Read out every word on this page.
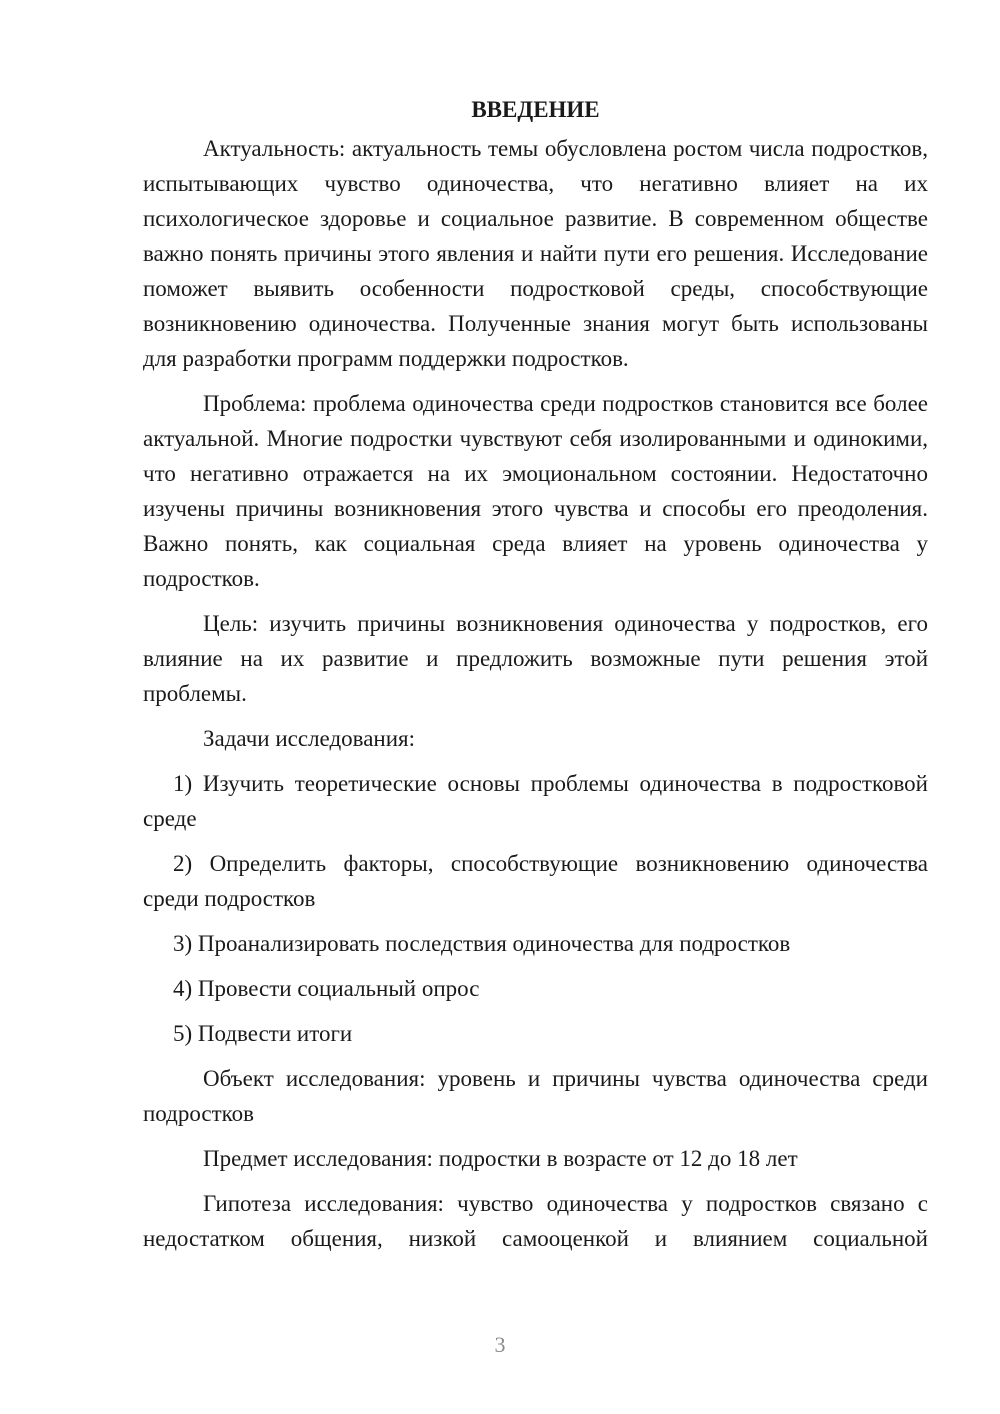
ВВЕДЕНИЕ

Актуальность: актуальность темы обусловлена ростом числа подростков, испытывающих чувство одиночества, что негативно влияет на их психологическое здоровье и социальное развитие. В современном обществе важно понять причины этого явления и найти пути его решения. Исследование поможет выявить особенности подростковой среды, способствующие возникновению одиночества. Полученные знания могут быть использованы для разработки программ поддержки подростков.

Проблема: проблема одиночества среди подростков становится все более актуальной. Многие подростки чувствуют себя изолированными и одинокими, что негативно отражается на их эмоциональном состоянии. Недостаточно изучены причины возникновения этого чувства и способы его преодоления. Важно понять, как социальная среда влияет на уровень одиночества у подростков.

Цель: изучить причины возникновения одиночества у подростков, его влияние на их развитие и предложить возможные пути решения этой проблемы.

Задачи исследования:

1) Изучить теоретические основы проблемы одиночества в подростковой среде

2) Определить факторы, способствующие возникновению одиночества среди подростков

3) Проанализировать последствия одиночества для подростков

4) Провести социальный опрос

5) Подвести итоги

Объект исследования: уровень и причины чувства одиночества среди подростков

Предмет исследования: подростки в возрасте от 12 до 18 лет

Гипотеза исследования: чувство одиночества у подростков связано с недостатком общения, низкой самооценкой и влиянием социальной

3
